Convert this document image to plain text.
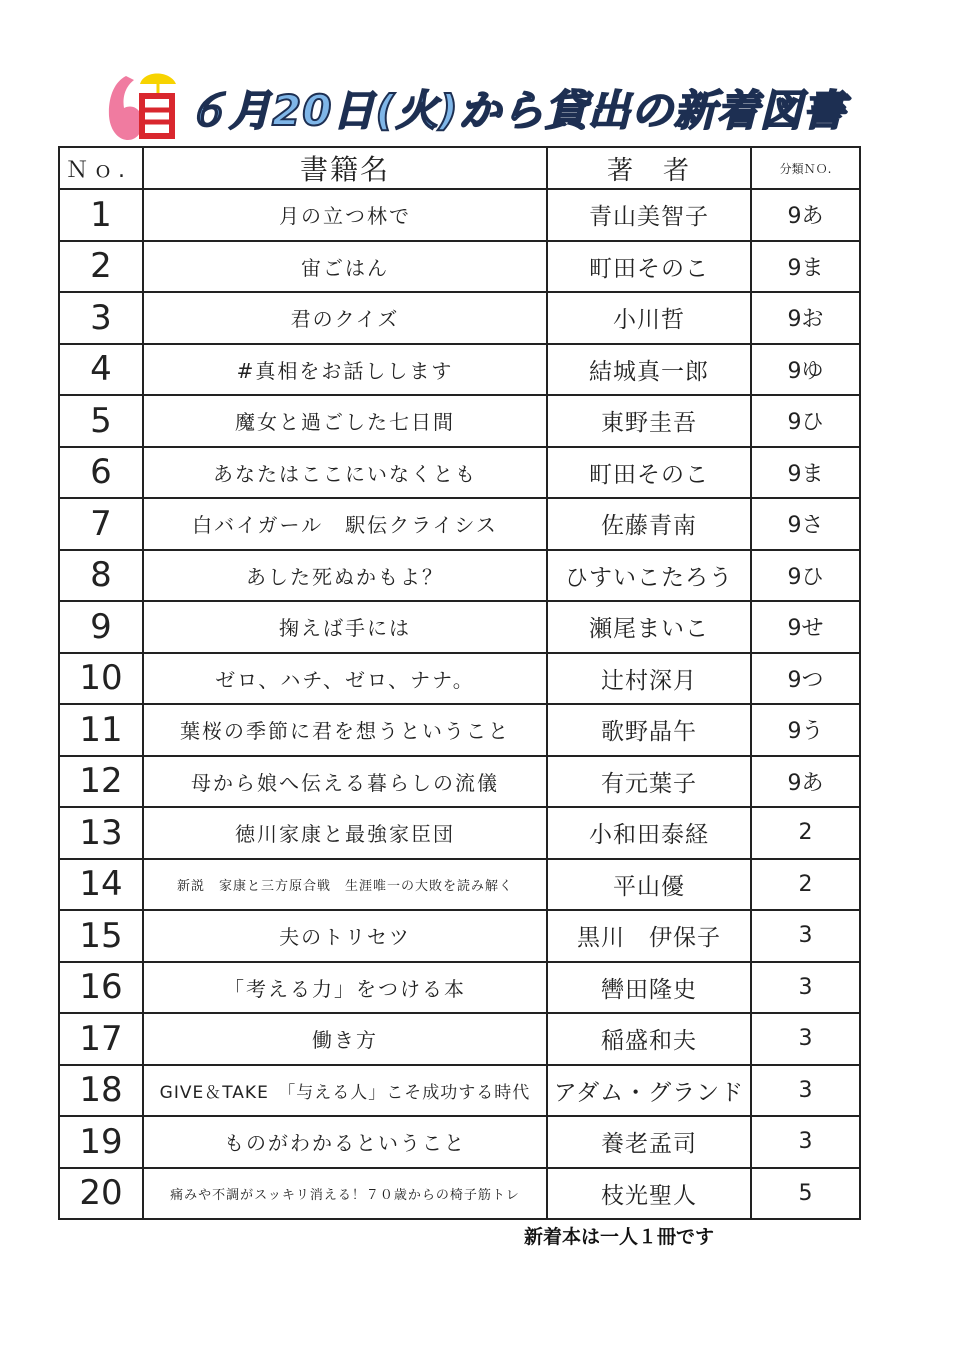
６月20日(火)から貸出の新着図書
Ｎｏ.	書籍名	著　者	分類ＮＯ.
1	月の立つ林で	青山美智子	9あ
2	宙ごはん	町田そのこ	9ま
3	君のクイズ	小川哲	9お
4	#真相をお話しします	結城真一郎	9ゆ
5	魔女と過ごした七日間	東野圭吾	9ひ
6	あなたはここにいなくとも	町田そのこ	9ま
7	白バイガール　駅伝クライシス	佐藤青南	9さ
8	あした死ぬかもよ？	ひすいこたろう	9ひ
9	掬えば手には	瀬尾まいこ	9せ
10	ゼロ、ハチ、ゼロ、ナナ。	辻村深月	9つ
11	葉桜の季節に君を想うということ	歌野晶午	9う
12	母から娘へ伝える暮らしの流儀	有元葉子	9あ
13	徳川家康と最強家臣団	小和田泰経	2
14	新説　家康と三方原合戦　生涯唯一の大敗を読み解く	平山優	2
15	夫のトリセツ	黒川　伊保子	3
16	「考える力」をつける本	轡田隆史	3
17	働き方	稲盛和夫	3
18	GIVE＆TAKE　「与える人」こそ成功する時代	アダム・グランド	3
19	ものがわかるということ	養老孟司	3
20	痛みや不調がスッキリ消える！７０歳からの椅子筋トレ	枝光聖人	5
新着本は一人１冊です
